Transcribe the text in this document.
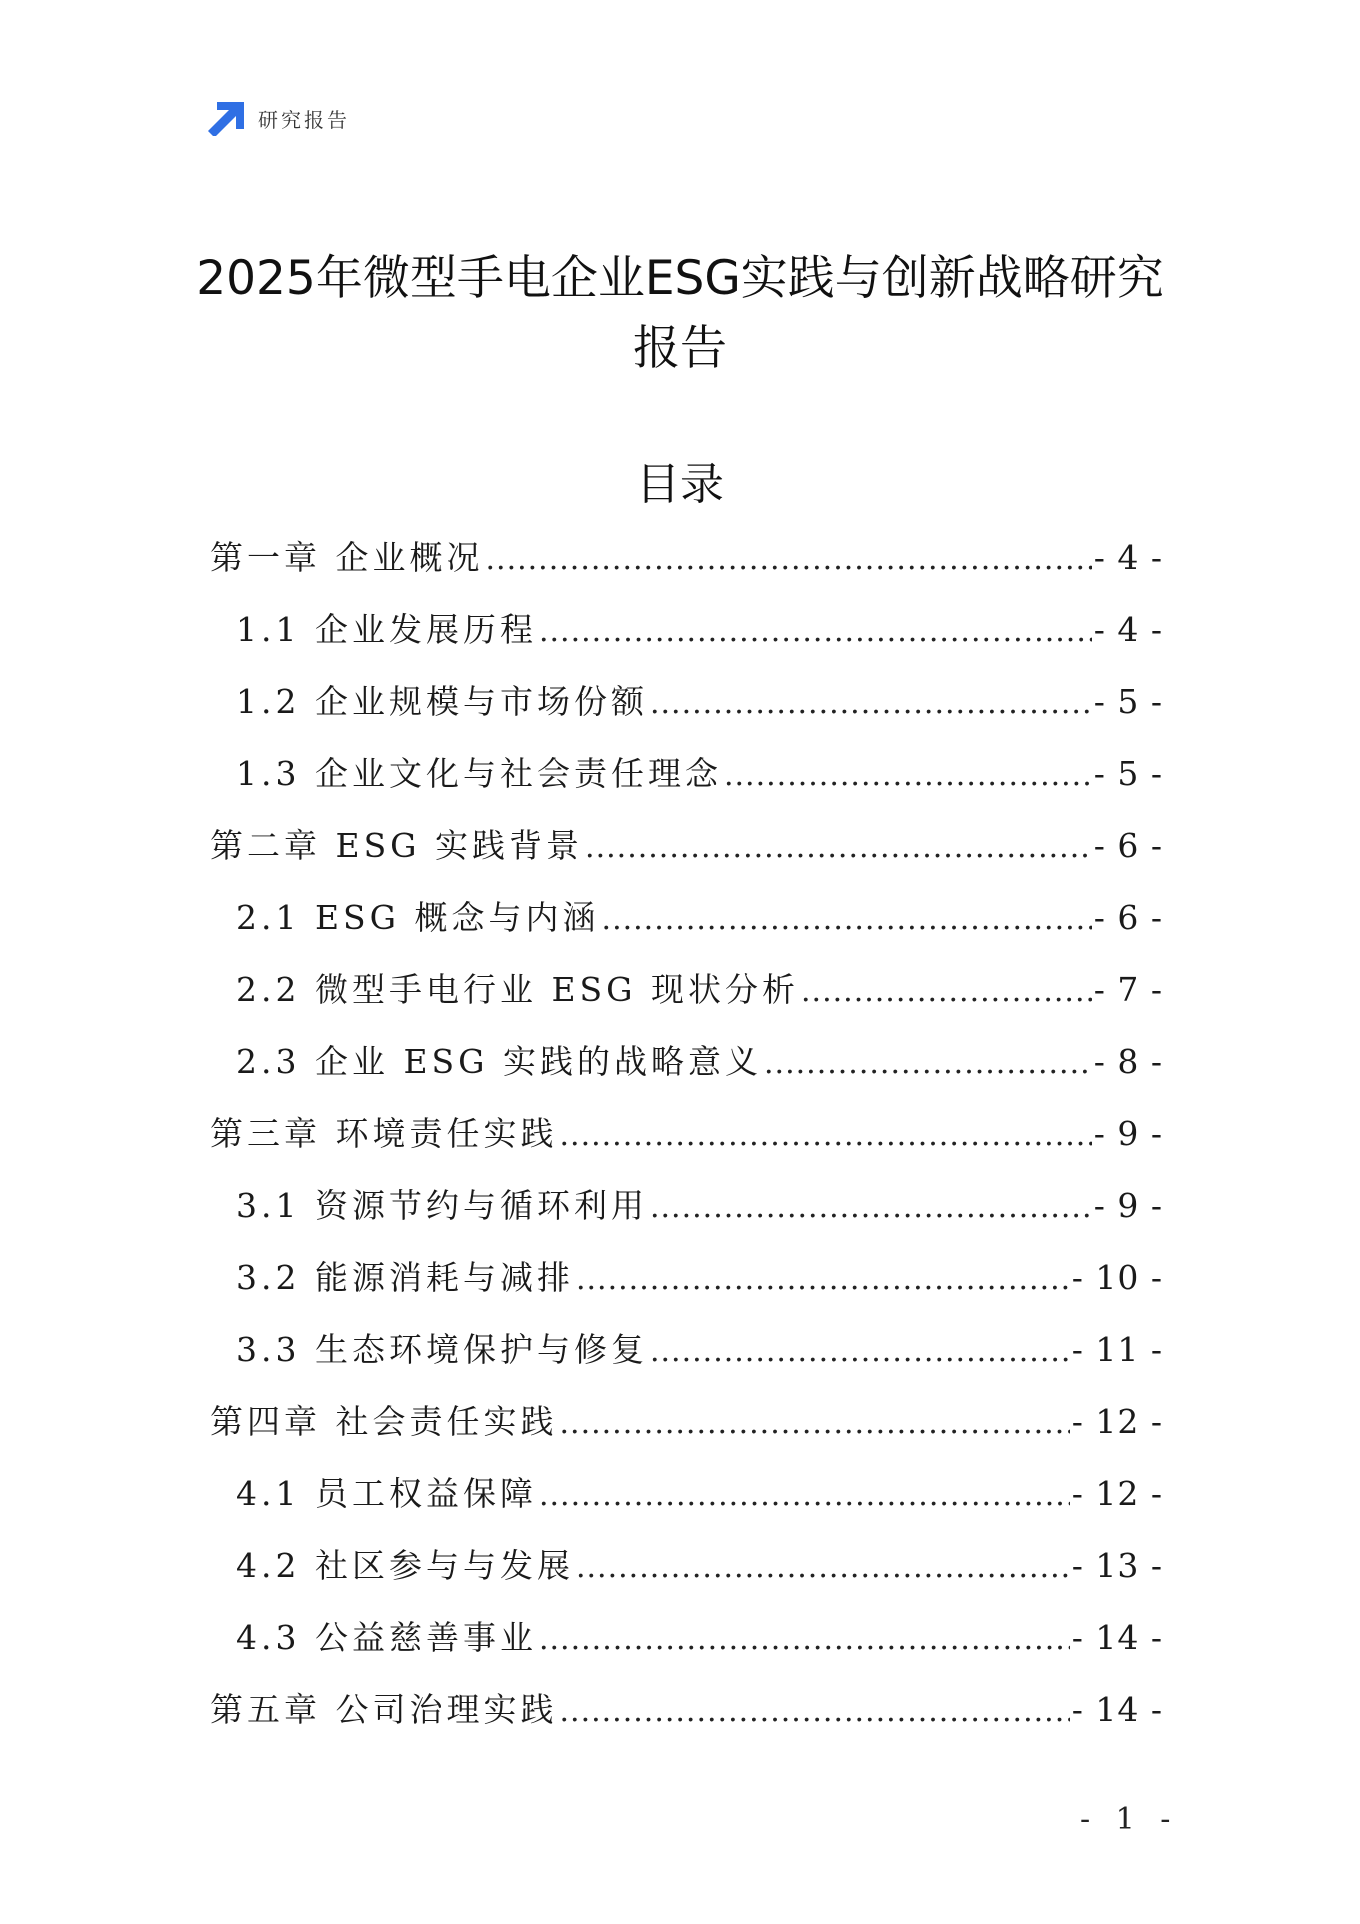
研究报告
2025年微型手电企业ESG实践与创新战略研究报告
目录
第一章 企业概况 .....	- 4 -
1.1 企业发展历程 .....	- 4 -
1.2 企业规模与市场份额 .....	- 5 -
1.3 企业文化与社会责任理念 .....	- 5 -
第二章 ESG 实践背景 .....	- 6 -
2.1 ESG 概念与内涵 .....	- 6 -
2.2 微型手电行业 ESG 现状分析 .....	- 7 -
2.3 企业 ESG 实践的战略意义 .....	- 8 -
第三章 环境责任实践 .....	- 9 -
3.1 资源节约与循环利用 .....	- 9 -
3.2 能源消耗与减排 .....	- 10 -
3.3 生态环境保护与修复 .....	- 11 -
第四章 社会责任实践 .....	- 12 -
4.1 员工权益保障 .....	- 12 -
4.2 社区参与与发展 .....	- 13 -
4.3 公益慈善事业 .....	- 14 -
第五章 公司治理实践 .....	- 14 -
- 1 -
